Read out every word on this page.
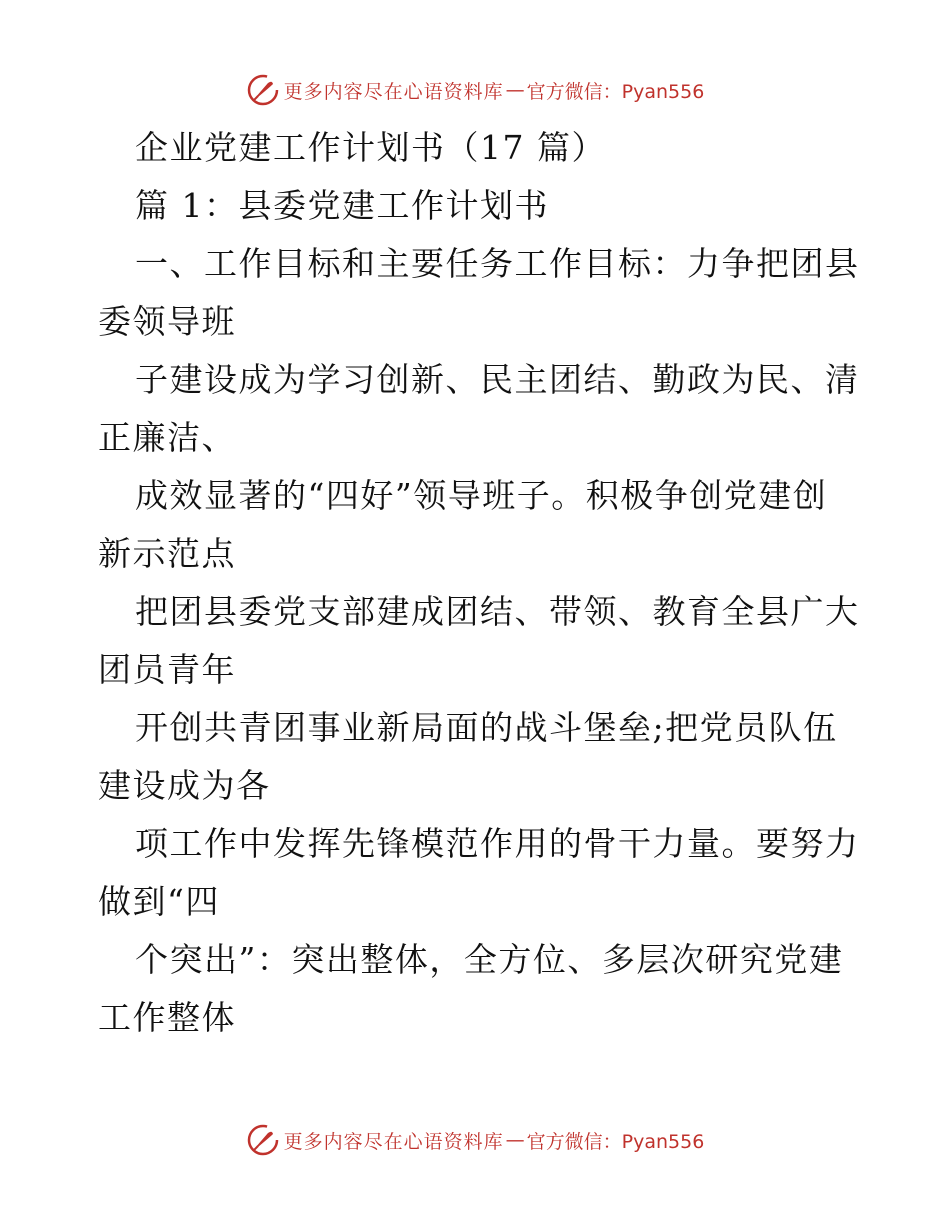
更多内容尽在心语资料库 — 官方微信：Pyan556
企业党建工作计划书（17 篇）
篇 1：县委党建工作计划书
一、工作目标和主要任务工作目标：力争把团县
委领导班
子建设成为学习创新、民主团结、勤政为民、清
正廉洁、
成效显著的“四好”领导班子。积极争创党建创
新示范点
把团县委党支部建成团结、带领、教育全县广大
团员青年
开创共青团事业新局面的战斗堡垒;把党员队伍
建设成为各
项工作中发挥先锋模范作用的骨干力量。要努力
做到“四
个突出”：突出整体，全方位、多层次研究党建
工作整体
更多内容尽在心语资料库 — 官方微信：Pyan556
